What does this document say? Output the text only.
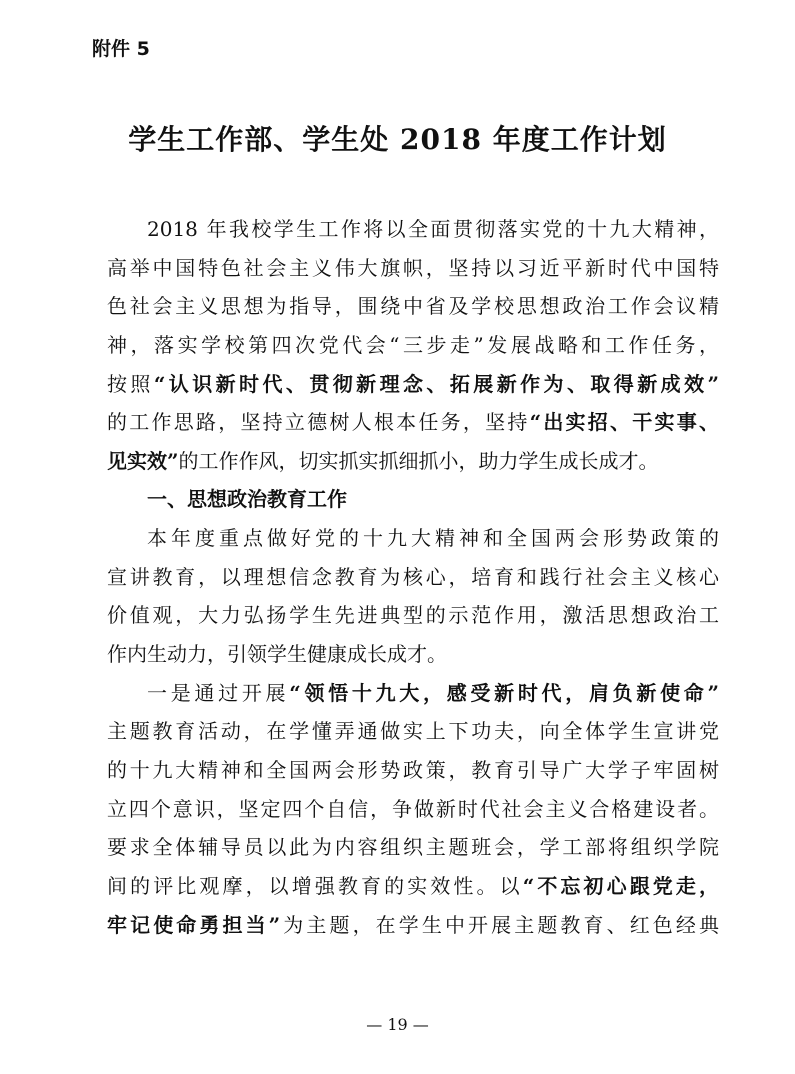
附件 5
学生工作部、学生处 2018 年度工作计划
2018 年我校学生工作将以全面贯彻落实党的十九大精神，
高举中国特色社会主义伟大旗帜，坚持以习近平新时代中国特
色社会主义思想为指导，围绕中省及学校思想政治工作会议精
神，落实学校第四次党代会“三步走”发展战略和工作任务，
按照“认识新时代、贯彻新理念、拓展新作为、取得新成效”
的工作思路，坚持立德树人根本任务，坚持“出实招、干实事、
见实效”的工作作风，切实抓实抓细抓小，助力学生成长成才。
一、思想政治教育工作
本年度重点做好党的十九大精神和全国两会形势政策的
宣讲教育，以理想信念教育为核心，培育和践行社会主义核心
价值观，大力弘扬学生先进典型的示范作用，激活思想政治工
作内生动力，引领学生健康成长成才。
一是通过开展“领悟十九大，感受新时代，肩负新使命”
主题教育活动，在学懂弄通做实上下功夫，向全体学生宣讲党
的十九大精神和全国两会形势政策，教育引导广大学子牢固树
立四个意识，坚定四个自信，争做新时代社会主义合格建设者。
要求全体辅导员以此为内容组织主题班会，学工部将组织学院
间的评比观摩，以增强教育的实效性。以“不忘初心跟党走，
牢记使命勇担当”为主题，在学生中开展主题教育、红色经典
— 19 —
